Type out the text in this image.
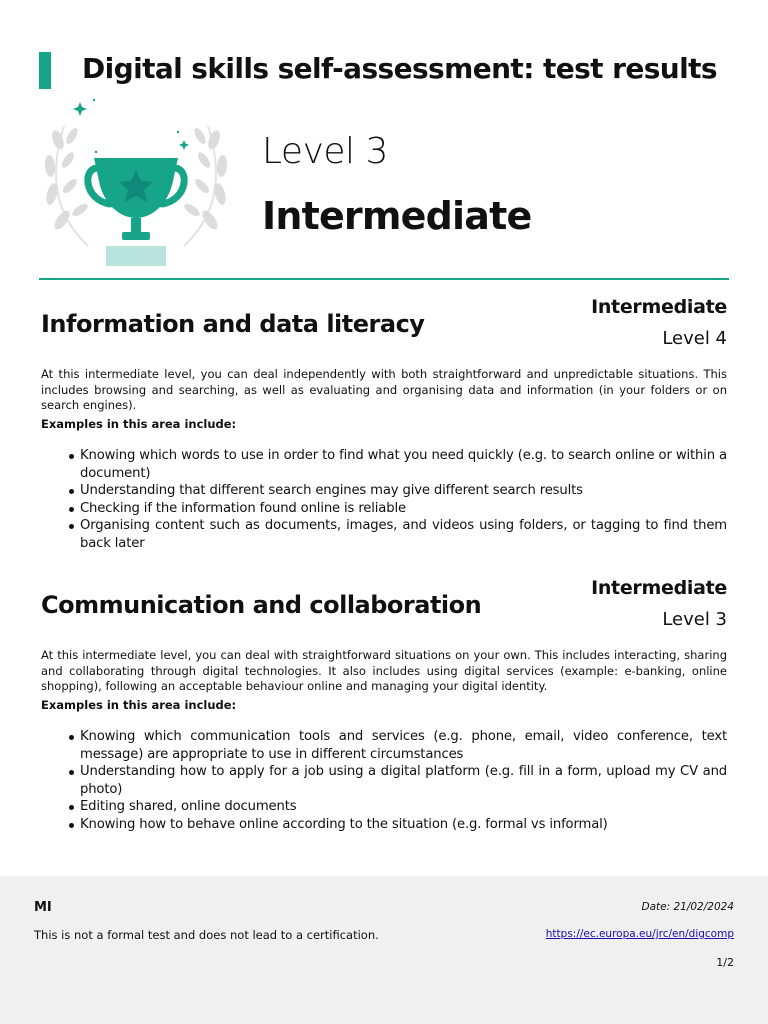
Digital skills self-assessment: test results
Level 3
Intermediate
Information and data literacy
Intermediate
Level 4

At this intermediate level, you can deal independently with both straightforward and unpredictable situations. This includes browsing and searching, as well as evaluating and organising data and information (in your folders or on search engines).

Examples in this area include:
Knowing which words to use in order to find what you need quickly (e.g. to search online or within a document)
Understanding that different search engines may give different search results
Checking if the information found online is reliable
Organising content such as documents, images, and videos using folders, or tagging to find them back later
Communication and collaboration
Intermediate
Level 3

At this intermediate level, you can deal with straightforward situations on your own. This includes interacting, sharing and collaborating through digital technologies. It also includes using digital services (example: e-banking, online shopping), following an acceptable behaviour online and managing your digital identity.

Examples in this area include:
Knowing which communication tools and services (e.g. phone, email, video conference, text message) are appropriate to use in different circumstances
Understanding how to apply for a job using a digital platform (e.g. fill in a form, upload my CV and photo)
Editing shared, online documents
Knowing how to behave online according to the situation (e.g. formal vs informal)
MI
This is not a formal test and does not lead to a certification.
Date: 21/02/2024
https://ec.europa.eu/jrc/en/digcomp
1/2
